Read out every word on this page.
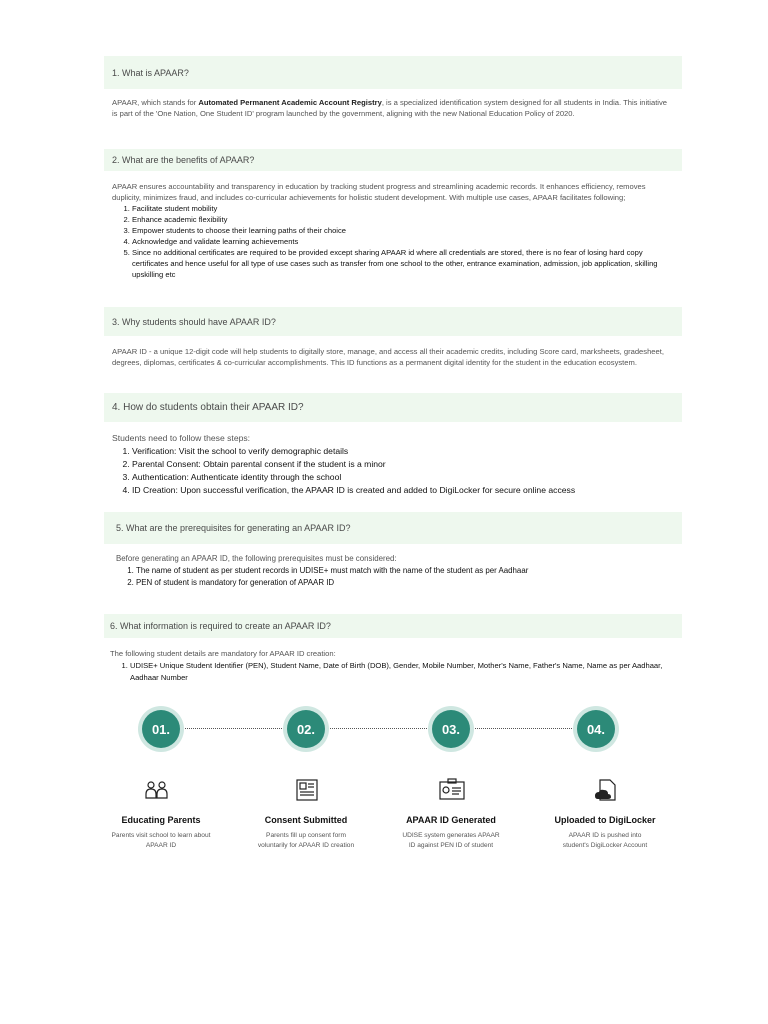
1. What is APAAR?

APAAR, which stands for Automated Permanent Academic Account Registry, is a specialized identification system designed for all students in India. This initiative is part of the 'One Nation, One Student ID' program launched by the government, aligning with the new National Education Policy of 2020.

2. What are the benefits of APAAR?

APAAR ensures accountability and transparency in education by tracking student progress and streamlining academic records. It enhances efficiency, removes duplicity, minimizes fraud, and includes co-curricular achievements for holistic student development. With multiple use cases, APAAR facilitates following;

1. Facilitate student mobility
2. Enhance academic flexibility
3. Empower students to choose their learning paths of their choice
4. Acknowledge and validate learning achievements
5. Since no additional certificates are required to be provided except sharing APAAR id where all credentials are stored, there is no fear of losing hard copy certificates and hence useful for all type of use cases such as transfer from one school to the other, entrance examination, admission, job application, skilling upskilling etc
3. Why students should have APAAR ID?

APAAR ID - a unique 12-digit code will help students to digitally store, manage, and access all their academic credits, including Score card, marksheets, gradesheet, degrees, diplomas, certificates & co-curricular accomplishments. This ID functions as a permanent digital identity for the student in the education ecosystem.

4. How do students obtain their APAAR ID?

Students need to follow these steps:

1. Verification: Visit the school to verify demographic details
2. Parental Consent: Obtain parental consent if the student is a minor
3. Authentication: Authenticate identity through the school
4. ID Creation: Upon successful verification, the APAAR ID is created and added to DigiLocker for secure online access
5. What are the prerequisites for generating an APAAR ID?

Before generating an APAAR ID, the following prerequisites must be considered:

1. The name of student as per student records in UDISE+ must match with the name of the student as per Aadhaar
2. PEN of student is mandatory for generation of APAAR ID
6. What information is required to create an APAAR ID?

The following student details are mandatory for APAAR ID creation:

1. UDISE+ Unique Student Identifier (PEN), Student Name, Date of Birth (DOB), Gender, Mobile Number, Mother's Name, Father's Name, Name as per Aadhaar, Aadhaar Number
01.	02.	03.	04.
Educating Parents	Consent Submitted	APAAR ID Generated	Uploaded to DigiLocker
Parents visit school to learn about APAAR ID
Parents fill up consent form voluntarily for APAAR ID creation
UDISE system generates APAAR ID against PEN ID of student
APAAR ID is pushed into student's DigiLocker Account
